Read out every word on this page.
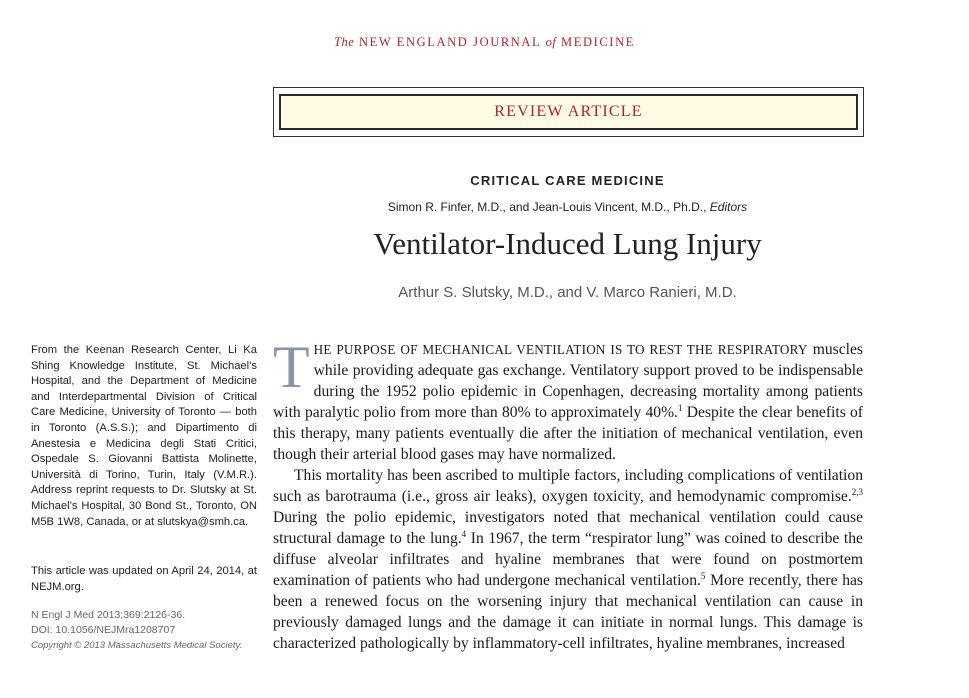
The NEW ENGLAND JOURNAL of MEDICINE
REVIEW ARTICLE
CRITICAL CARE MEDICINE
Simon R. Finfer, M.D., and Jean-Louis Vincent, M.D., Ph.D., Editors
Ventilator-Induced Lung Injury
Arthur S. Slutsky, M.D., and V. Marco Ranieri, M.D.
From the Keenan Research Center, Li Ka Shing Knowledge Institute, St. Michael’s Hospital, and the Department of Medicine and Interdepartmental Division of Critical Care Medicine, University of Toronto — both in Toronto (A.S.S.); and Dipartimento di Anestesia e Medicina degli Stati Critici, Ospedale S. Giovanni Battista Molinette, Università di Torino, Turin, Italy (V.M.R.). Address reprint requests to Dr. Slutsky at St. Michael’s Hospital, 30 Bond St., Toronto, ON M5B 1W8, Canada, or at slutskya@smh.ca.
This article was updated on April 24, 2014, at NEJM.org.
N Engl J Med 2013;369:2126-36.
DOI: 10.1056/NEJMra1208707
Copyright © 2013 Massachusetts Medical Society.

THE PURPOSE OF MECHANICAL VENTILATION IS TO REST THE RESPIRATORY muscles while providing adequate gas exchange. Ventilatory support proved to be indispensable during the 1952 polio epidemic in Copenhagen, decreasing mortality among patients with paralytic polio from more than 80% to approximately 40%.$^1$ Despite the clear benefits of this therapy, many patients eventually die after the initiation of mechanical ventilation, even though their arterial blood gases may have normalized.

This mortality has been ascribed to multiple factors, including complications of ventilation such as barotrauma (i.e., gross air leaks), oxygen toxicity, and hemodynamic compromise.$^{2,3}$ During the polio epidemic, investigators noted that mechanical ventilation could cause structural damage to the lung.$^4$ In 1967, the term “respirator lung” was coined to describe the diffuse alveolar infiltrates and hyaline membranes that were found on postmortem examination of patients who had undergone mechanical ventilation.$^5$ More recently, there has been a renewed focus on the worsening injury that mechanical ventilation can cause in previously damaged lungs and the damage it can initiate in normal lungs. This damage is characterized pathologically by inflammatory-cell infiltrates, hyaline membranes, increased
